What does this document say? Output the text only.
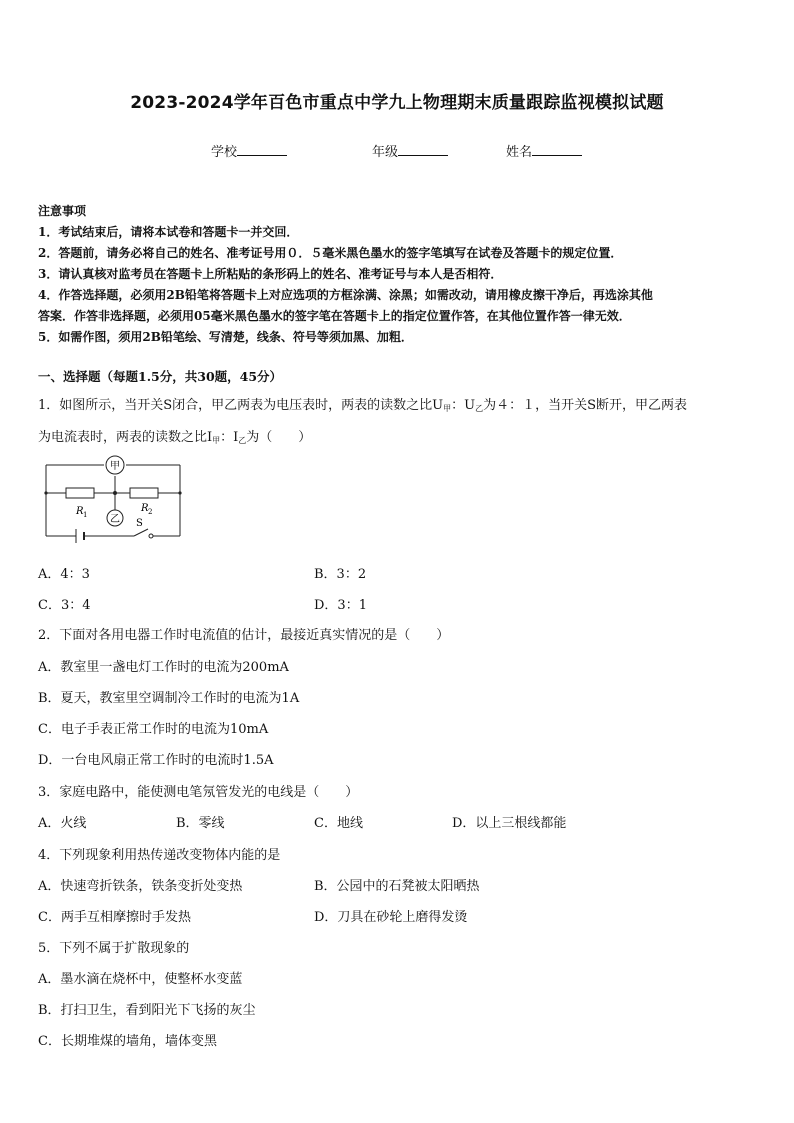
2023-2024学年百色市重点中学九上物理期末质量跟踪监视模拟试题
学校	年级	姓名
注意事项
1．考试结束后，请将本试卷和答题卡一并交回．
2．答题前，请务必将自己的姓名、准考证号用０．５毫米黑色墨水的签字笔填写在试卷及答题卡的规定位置．
3．请认真核对监考员在答题卡上所粘贴的条形码上的姓名、准考证号与本人是否相符．
4．作答选择题，必须用2B铅笔将答题卡上对应选项的方框涂满、涂黑；如需改动，请用橡皮擦干净后，再选涂其他
答案．作答非选择题，必须用05毫米黑色墨水的签字笔在答题卡上的指定位置作答，在其他位置作答一律无效．
5．如需作图，须用2B铅笔绘、写清楚，线条、符号等须加黑、加粗．
一、选择题（每题1.5分，共30题，45分）
1．如图所示，当开关S闭合，甲乙两表为电压表时，两表的读数之比$U_甲$：$U_乙$为４：１，当开关S断开，甲乙两表
为电流表时，两表的读数之比$I_甲$：$I_乙$为（　　）
甲
乙
R 1
R 2
S
A．4：3	B．3：2
C．3：4	D．3：1
2．下面对各用电器工作时电流值的估计，最接近真实情况的是（　　）
A．教室里一盏电灯工作时的电流为200mA
B．夏天，教室里空调制冷工作时的电流为1A
C．电子手表正常工作时的电流为10mA
D．一台电风扇正常工作时的电流时1.5A
3．家庭电路中，能使测电笔氖管发光的电线是（　　）
A．火线	B．零线	C．地线	D．以上三根线都能
4．下列现象利用热传递改变物体内能的是
A．快速弯折铁条，铁条变折处变热	B．公园中的石凳被太阳晒热
C．两手互相摩擦时手发热	D．刀具在砂轮上磨得发烫
5．下列不属于扩散现象的
A．墨水滴在烧杯中，使整杯水变蓝
B．打扫卫生，看到阳光下飞扬的灰尘
C．长期堆煤的墙角，墙体变黑
